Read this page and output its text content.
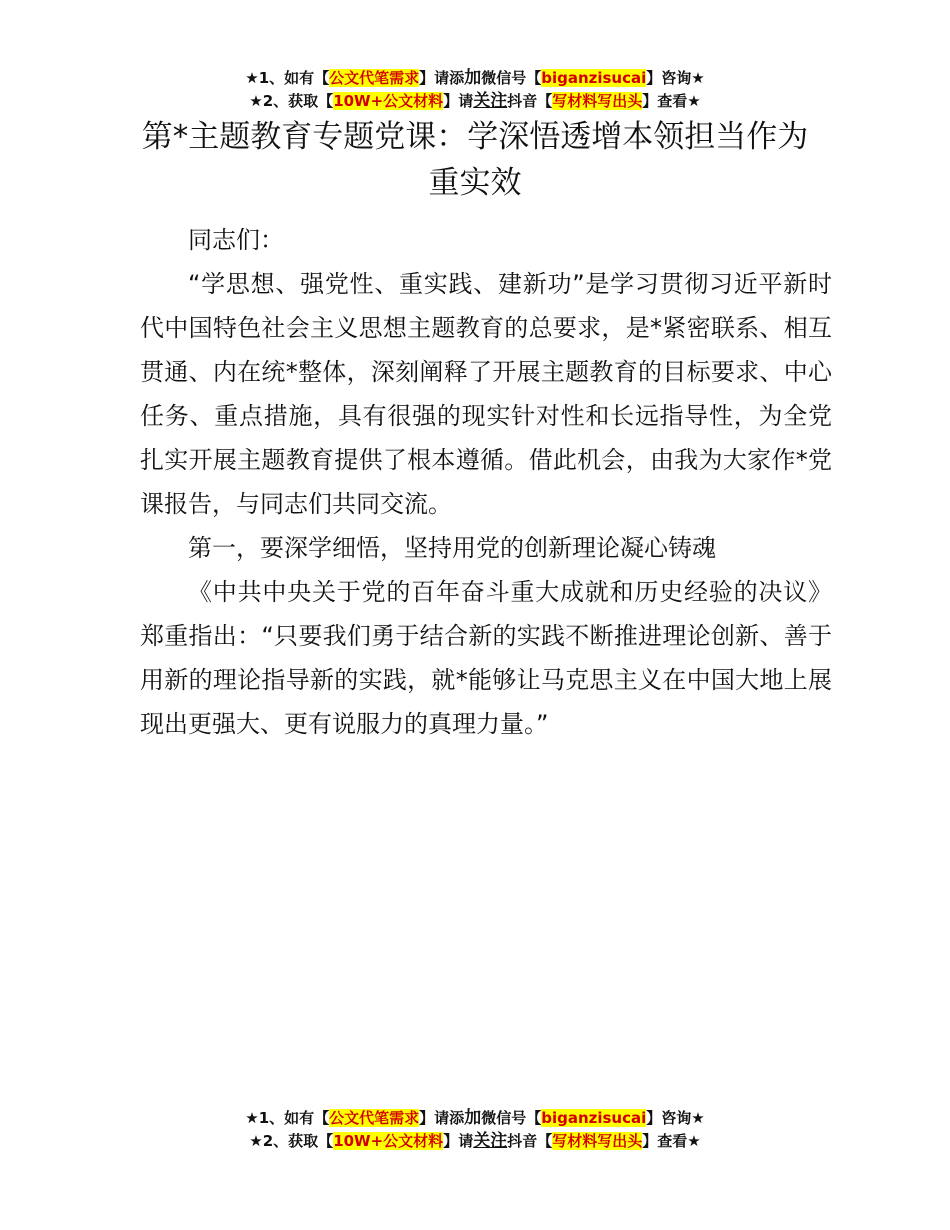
★1、如有【公文代笔需求】请添加微信号【biganzisucai】咨询★
★2、获取【10W+公文材料】请关注抖音【写材料写出头】查看★
第*主题教育专题党课：学深悟透增本领担当作为重实效

同志们：

“学思想、强党性、重实践、建新功”是学习贯彻习近平新时代中国特色社会主义思想主题教育的总要求，是*紧密联系、相互贯通、内在统*整体，深刻阐释了开展主题教育的目标要求、中心任务、重点措施，具有很强的现实针对性和长远指导性，为全党扎实开展主题教育提供了根本遵循。借此机会，由我为大家作*党课报告，与同志们共同交流。

第一，要深学细悟，坚持用党的创新理论凝心铸魂

《中共中央关于党的百年奋斗重大成就和历史经验的决议》郑重指出：“只要我们勇于结合新的实践不断推进理论创新、善于用新的理论指导新的实践，就*能够让马克思主义在中国大地上展现出更强大、更有说服力的真理力量。”

★1、如有【公文代笔需求】请添加微信号【biganzisucai】咨询★
★2、获取【10W+公文材料】请关注抖音【写材料写出头】查看★
